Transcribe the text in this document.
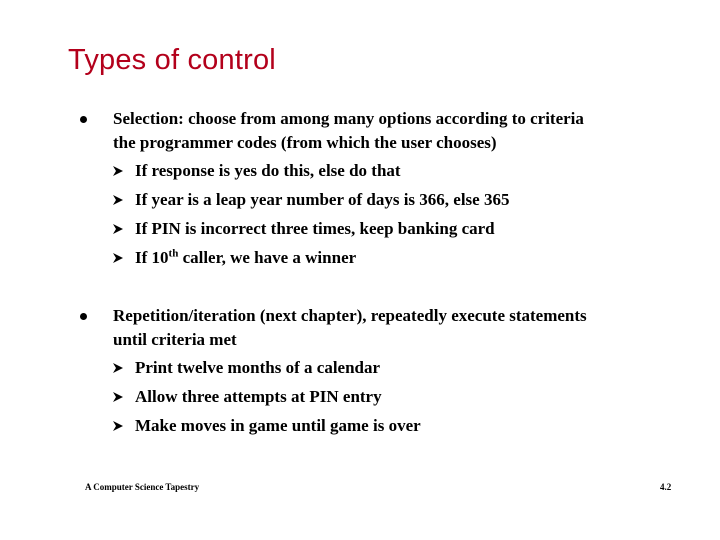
Types of control
Selection: choose from among many options according to criteria
the programmer codes (from which the user chooses)
If response is yes do this, else do that
If year is a leap year number of days is 366, else 365
If PIN is incorrect three times, keep banking card
If 10th caller, we have a winner
Repetition/iteration (next chapter), repeatedly execute statements
until criteria met
Print twelve months of a calendar
Allow three attempts at PIN entry
Make moves in game until game is over
A Computer Science Tapestry	4.2
